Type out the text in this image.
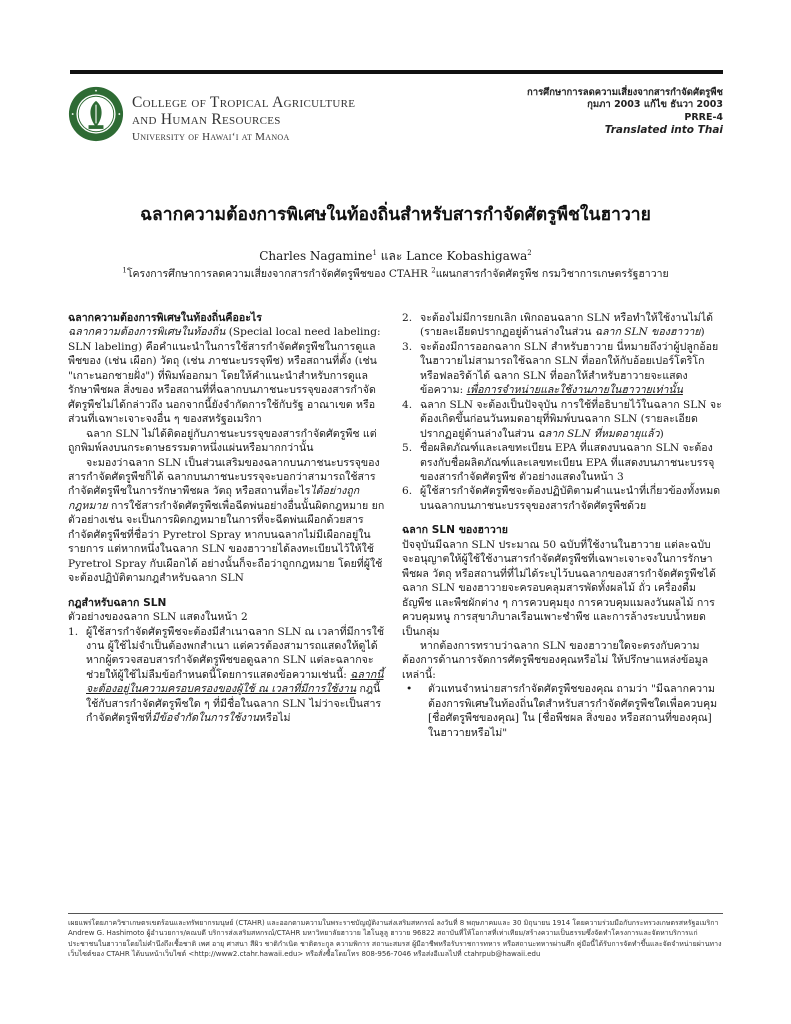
College of Tropical Agriculture
and Human Resources
University of Hawai‘i at Manoa
การศึกษาการลดความเสี่ยงจากสารกำจัดศัตรูพืช
กุมภา 2003 แก้ไข ธันวา 2003
PRRE-4
Translated into Thai
ฉลากความต้องการพิเศษในท้องถิ่นสำหรับสารกำจัดศัตรูพืชในฮาวาย
Charles Nagamine$^1$ และ Lance Kobashigawa$^2$
$^1$โครงการศึกษาการลดความเสี่ยงจากสารกำจัดศัตรูพืชของ CTAHR $^2$แผนกสารกำจัดศัตรูพืช กรมวิชาการเกษตรรัฐฮาวาย
ฉลากความต้องการพิเศษในท้องถิ่นคืออะไร

ฉลากความต้องการพิเศษในท้องถิ่น (Special local need labeling: SLN labeling) คือคำแนะนำในการใช้สารกำจัดศัตรูพืชในการดูแลพืชของ (เช่น เผือก) วัตถุ (เช่น ภาชนะบรรจุพืช) หรือสถานที่ตั้ง (เช่น "เกาะนอกชายฝั่ง") ที่พิมพ์ออกมา โดยให้คำแนะนำสำหรับการดูแลรักษาพืชผล สิ่งของ หรือสถานที่ที่ฉลากบนภาชนะบรรจุของสารกำจัดศัตรูพืชไม่ได้กล่าวถึง นอกจากนี้ยังจำกัดการใช้กับรัฐ อาณาเขต หรือส่วนที่เฉพาะเจาะจงอื่น ๆ ของสหรัฐอเมริกา

ฉลาก SLN ไม่ได้ติดอยู่กับภาชนะบรรจุของสารกำจัดศัตรูพืช แต่ถูกพิมพ์ลงบนกระดาษธรรมดาหนึ่งแผ่นหรือมากกว่านั้น

จะมองว่าฉลาก SLN เป็นส่วนเสริมของฉลากบนภาชนะบรรจุของสารกำจัดศัตรูพืชก็ได้ ฉลากบนภาชนะบรรจุจะบอกว่าสามารถใช้สารกำจัดศัตรูพืชในการรักษาพืชผล วัตถุ หรือสถานที่อะไรได้อย่างถูกกฎหมาย การใช้สารกำจัดศัตรูพืชเพื่อฉีดพ่นอย่างอื่นนั้นผิดกฎหมาย ยกตัวอย่างเช่น จะเป็นการผิดกฎหมายในการที่จะฉีดพ่นเผือกด้วยสารกำจัดศัตรูพืชที่ชื่อว่า Pyretrol Spray หากบนฉลากไม่มีเผือกอยู่ในรายการ แต่หากหนึ่งในฉลาก SLN ของฮาวายได้ลงทะเบียนไว้ให้ใช้ Pyretrol Spray กับเผือกได้ อย่างนั้นก็จะถือว่าถูกกฎหมาย โดยที่ผู้ใช้จะต้องปฏิบัติตามกฎสำหรับฉลาก SLN

กฎสำหรับฉลาก SLN

ตัวอย่างของฉลาก SLN แสดงในหน้า 2

1. ผู้ใช้สารกำจัดศัตรูพืชจะต้องมีสำเนาฉลาก SLN ณ เวลาที่มีการใช้งาน ผู้ใช้ไม่จำเป็นต้องพกสำเนา แต่ควรต้องสามารถแสดงให้ดูได้หากผู้ตรวจสอบสารกำจัดศัตรูพืชขอดูฉลาก SLN แต่ละฉลากจะช่วยให้ผู้ใช้ไม่ลืมข้อกำหนดนี้โดยการแสดงข้อความเช่นนี้: ฉลากนี้จะต้องอยู่ในความครอบครองของผู้ใช้ ณ เวลาที่มีการใช้งาน กฎนี้ใช้กับสารกำจัดศัตรูพืชใด ๆ ที่มีชื่อในฉลาก SLN ไม่ว่าจะเป็นสารกำจัดศัตรูพืชที่มีข้อจำกัดในการใช้งานหรือไม่
2. จะต้องไม่มีการยกเลิก เพิกถอนฉลาก SLN หรือทำให้ใช้งานไม่ได้ (รายละเอียดปรากฏอยู่ด้านล่างในส่วน ฉลาก SLN ของฮาวาย)
3. จะต้องมีการออกฉลาก SLN สำหรับฮาวาย นี่หมายถึงว่าผู้ปลูกอ้อยในฮาวายไม่สามารถใช้ฉลาก SLN ที่ออกให้กับอ้อยเปอร์โตริโกหรือฟลอริด้าได้ ฉลาก SLN ที่ออกให้สำหรับฮาวายจะแสดงข้อความ: เพื่อการจำหน่ายและใช้งานภายในฮาวายเท่านั้น
4. ฉลาก SLN จะต้องเป็นปัจจุบัน การใช้ที่อธิบายไว้ในฉลาก SLN จะต้องเกิดขึ้นก่อนวันหมดอายุที่พิมพ์บนฉลาก SLN (รายละเอียดปรากฏอยู่ด้านล่างในส่วน ฉลาก SLN ที่หมดอายุแล้ว)
5. ชื่อผลิตภัณฑ์และเลขทะเบียน EPA ที่แสดงบนฉลาก SLN จะต้องตรงกับชื่อผลิตภัณฑ์และเลขทะเบียน EPA ที่แสดงบนภาชนะบรรจุของสารกำจัดศัตรูพืช ตัวอย่างแสดงในหน้า 3
6. ผู้ใช้สารกำจัดศัตรูพืชจะต้องปฏิบัติตามคำแนะนำที่เกี่ยวข้องทั้งหมดบนฉลากบนภาชนะบรรจุของสารกำจัดศัตรูพืชด้วย
ฉลาก SLN ของฮาวาย

ปัจจุบันมีฉลาก SLN ประมาณ 50 ฉบับที่ใช้งานในฮาวาย แต่ละฉบับจะอนุญาตให้ผู้ใช้ใช้งานสารกำจัดศัตรูพืชที่เฉพาะเจาะจงในการรักษาพืชผล วัตถุ หรือสถานที่ที่ไม่ได้ระบุไว้บนฉลากของสารกำจัดศัตรูพืชได้ ฉลาก SLN ของฮาวายจะครอบคลุมสารพัดทั้งผลไม้ ถั่ว เครื่องดื่ม ธัญพืช และพืชผักต่าง ๆ การควบคุมยุง การควบคุมแมลงวันผลไม้ การควบคุมหนู การสุขาภิบาลเรือนเพาะชำพืช และการล้างระบบน้ำหยด เป็นกลุ่ม

หากต้องการทราบว่าฉลาก SLN ของฮาวายใดจะตรงกับความต้องการด้านการจัดการศัตรูพืชของคุณหรือไม่ ให้ปรึกษาแหล่งข้อมูลเหล่านี้:

• ตัวแทนจำหน่ายสารกำจัดศัตรูพืชของคุณ ถามว่า "มีฉลากความต้องการพิเศษในท้องถิ่นใดสำหรับสารกำจัดศัตรูพืชใดเพื่อควบคุม [ชื่อศัตรูพืชของคุณ] ใน [ชื่อพืชผล สิ่งของ หรือสถานที่ของคุณ] ในฮาวายหรือไม่"
เผยแพร่โดยภาควิชาเกษตรเขตร้อนและทรัพยากรมนุษย์ (CTAHR) และออกตามความในพระราชบัญญัติงานส่งเสริมสหกรณ์ ลงวันที่ 8 พฤษภาคมและ 30 มิถุนายน 1914 โดยความร่วมมือกับกระทรวงเกษตรสหรัฐอเมริกา Andrew G. Hashimoto ผู้อำนวยการ/คณบดี บริการส่งเสริมสหกรณ์/CTAHR มหาวิทยาลัยฮาวาย ไฮโนลูลู ฮาวาย 96822 สถาบันที่ให้โอกาสที่เท่าเทียม/สร้างความเป็นธรรมซึ่งจัดทำโครงการและจัดหาบริการแก่ประชาชนในฮาวายโดยไม่คำนึงถึงเชื้อชาติ เพศ อายุ ศาสนา สีผิว ชาติกำเนิด ชาติตระกูล ความพิการ สถานะสมรส ผู้มีอาชีพหรือรับราชการทหาร หรือสถานะทหารผ่านศึก คู่มือนี้ได้รับการจัดทำขึ้นและจัดจำหน่ายผ่านทางเว็บไซต์ของ CTAHR ได้บนหน้าเว็บไซต์ <http://www2.ctahr.hawaii.edu> หรือสั่งซื้อโดยโทร 808-956-7046 หรือส่งอีเมลไปที่ ctahrpub@hawaii.edu
